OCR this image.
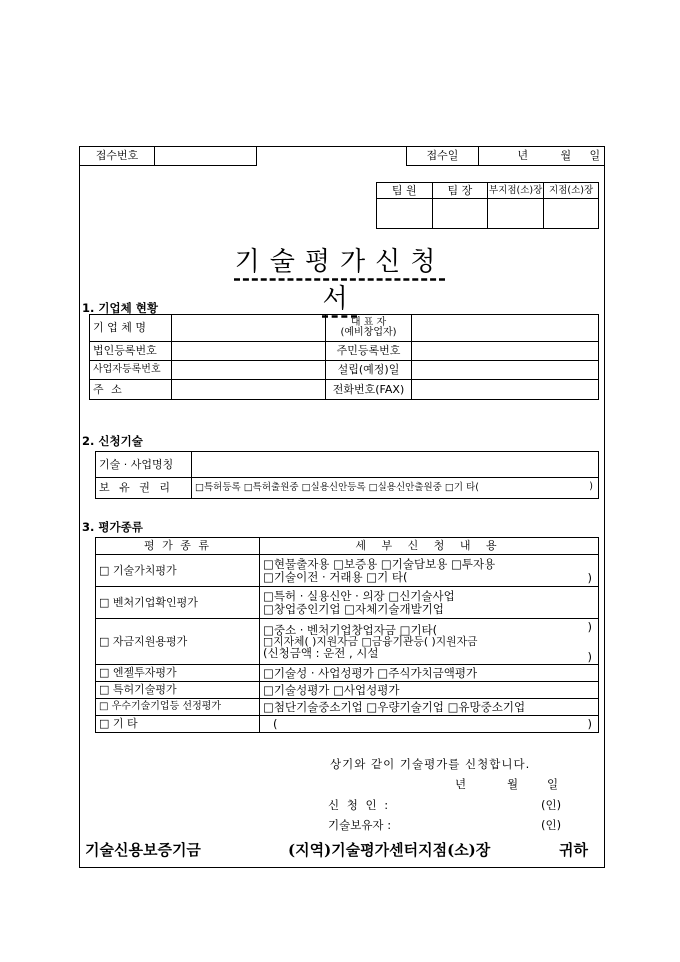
접수번호			접수일	년	월 일
팀 원	팀 장	부지점(소)장	지점(소)장

기술평가신청서
1. 기업체 현황
기 업 체 명		대 표 자
(예비창업자)	

법인등록번호		주민등록번호	
사업자등록번호		설립(예정)일	
주 소		전화번호(FAX)	
2. 신청기술
기술 · 사업명칭	
보 유 권 리	□특허등록 □특허출원중 □실용신안등록 □실용신안출원중 □기 타( )
3. 평가종류
평 가 종 류	세 부 신 청 내 용
□ 기술가치평가	□현물출자용 □보증용 □기술담보용 □투자용
□기술이전 · 거래용 □기 타( )

□ 벤처기업확인평가	□특허 · 실용신안 · 의장 □신기술사업
□창업중인기업 □자체기술개발기업

□ 자금지원용평가	□중소 · 벤처기업창업자금 □기타(
□지자체( )지원자금 □금융기관등( )지원자금
(신청금액 : 운전 , 시설
)
)

□ 엔젤투자평가	□기술성 · 사업성평가 □주식가치금액평가
□ 특허기술평가	□기술성평가 □사업성평가
□ 우수기술기업등 선정평가	□첨단기술중소기업 □우량기술기업 □유망중소기업
□ 기 타	( )
상기와 같이 기술평가를 신청합니다.
년	월	일
신 청 인 :	(인)
기술보유자 :	(인)
기술신용보증기금	(지역)기술평가센터지점(소)장	귀하
